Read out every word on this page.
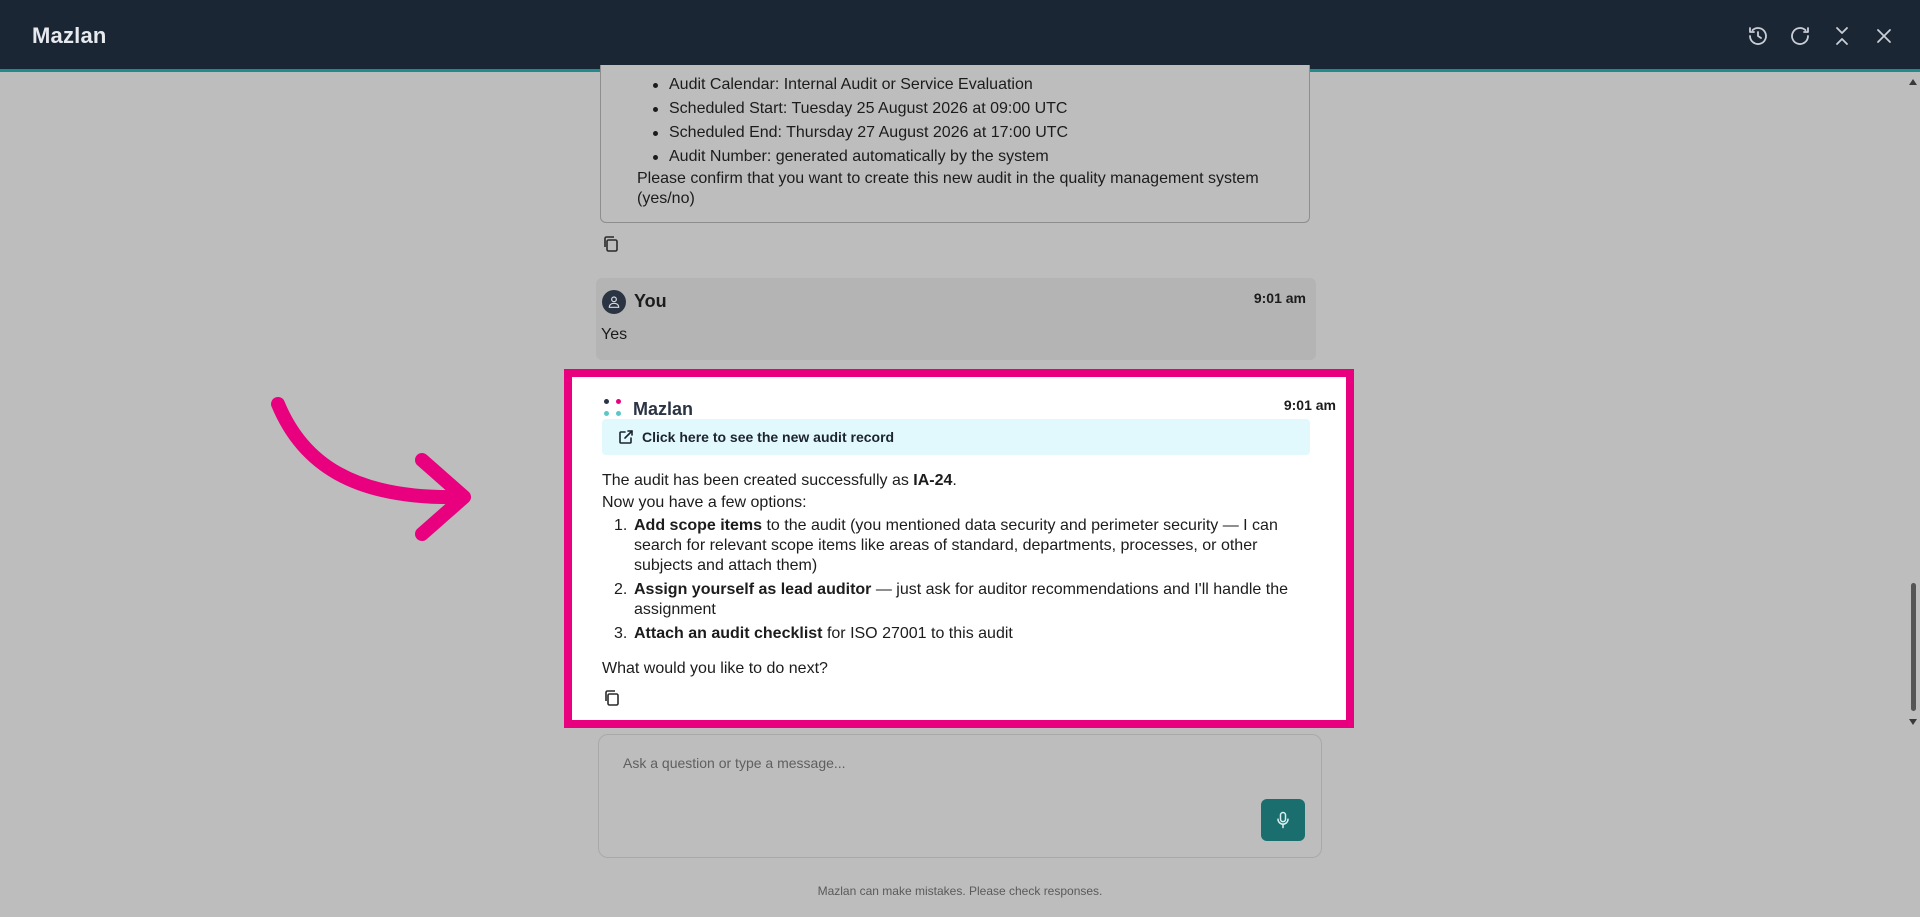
Mazlan
Audit Calendar: Internal Audit or Service Evaluation
Scheduled Start: Tuesday 25 August 2026 at 09:00 UTC
Scheduled End: Thursday 27 August 2026 at 17:00 UTC
Audit Number: generated automatically by the system
Please confirm that you want to create this new audit in the quality management system (yes/no)
You	9:01 am
Yes
Mazlan	9:01 am
Click here to see the new audit record
The audit has been created successfully as IA-24.
Now you have a few options:
1. Add scope items to the audit (you mentioned data security and perimeter security — I can search for relevant scope items like areas of standard, departments, processes, or other subjects and attach them)
2. Assign yourself as lead auditor — just ask for auditor recommendations and I'll handle the assignment
3. Attach an audit checklist for ISO 27001 to this audit
What would you like to do next?
Ask a question or type a message...
Mazlan can make mistakes. Please check responses.
